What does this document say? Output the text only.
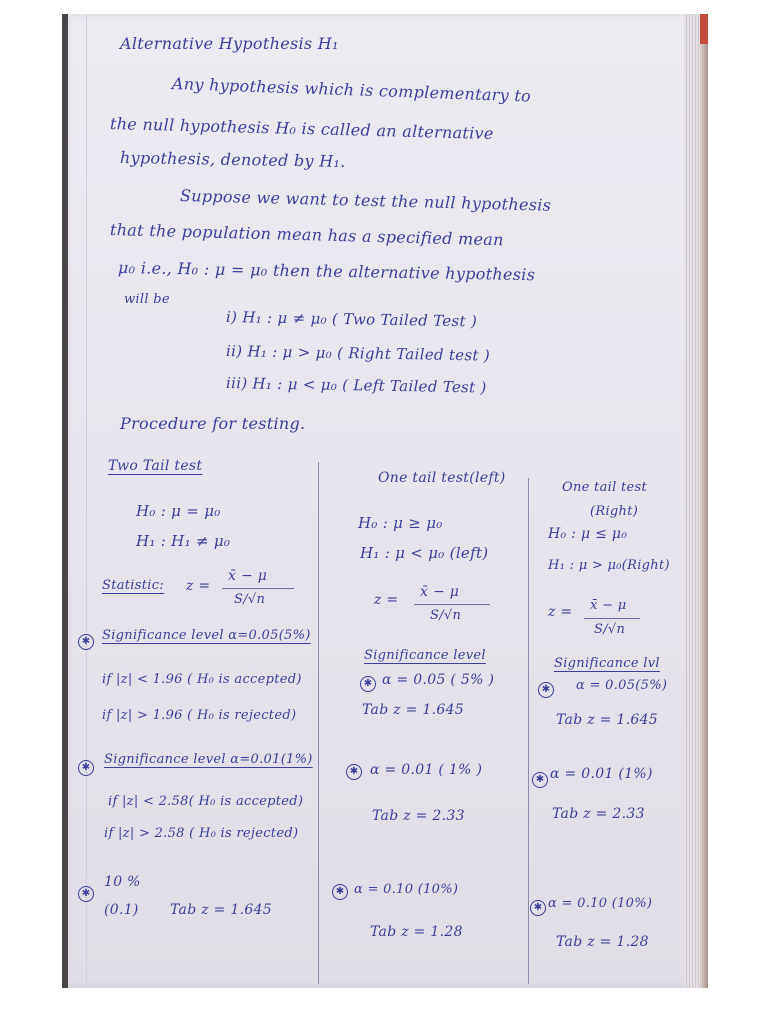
Alternative Hypothesis H₁
Any hypothesis which is complementary to
the null hypothesis H₀ is called an alternative
hypothesis, denoted by H₁.
Suppose we want to test the null hypothesis
that the population mean has a specified mean
μ₀ i.e., H₀ : μ = μ₀ then the alternative hypothesis
will be
i) H₁ : μ ≠ μ₀ ( Two Tailed Test )
ii) H₁ : μ > μ₀ ( Right Tailed test )
iii) H₁ : μ < μ₀ ( Left Tailed Test )
Procedure for testing.
Two Tail test
H₀ : μ = μ₀
H₁ : H₁ ≠ μ₀
Statistic: z =
x̄ − μ
S/√n
✱ Significance level α=0.05(5%)
if |z| < 1.96 ( H₀ is accepted)
if |z| > 1.96 ( H₀ is rejected)
✱
Significance level α=0.01(1%)
if |z| < 2.58( H₀ is accepted)
if |z| > 2.58 ( H₀ is rejected)
✱
10 %
(0.1) Tab z = 1.645
One tail test(left)
H₀ : μ ≥ μ₀
H₁ : μ < μ₀ (left)
z = x̄ − μ
S/√n
Significance level
✱ α = 0.05 ( 5% )
Tab z = 1.645
✱ α = 0.01 ( 1% )
Tab z = 2.33
✱ α = 0.10 (10%)
Tab z = 1.28
One tail test
(Right)
H₀ : μ ≤ μ₀
H₁ : μ > μ₀(Right)
z = x̄ − μ
S/√n
Significance lvl
✱ α = 0.05(5%)
Tab z = 1.645
✱ α = 0.01 (1%)
Tab z = 2.33
✱ α = 0.10 (10%)
Tab z = 1.28
